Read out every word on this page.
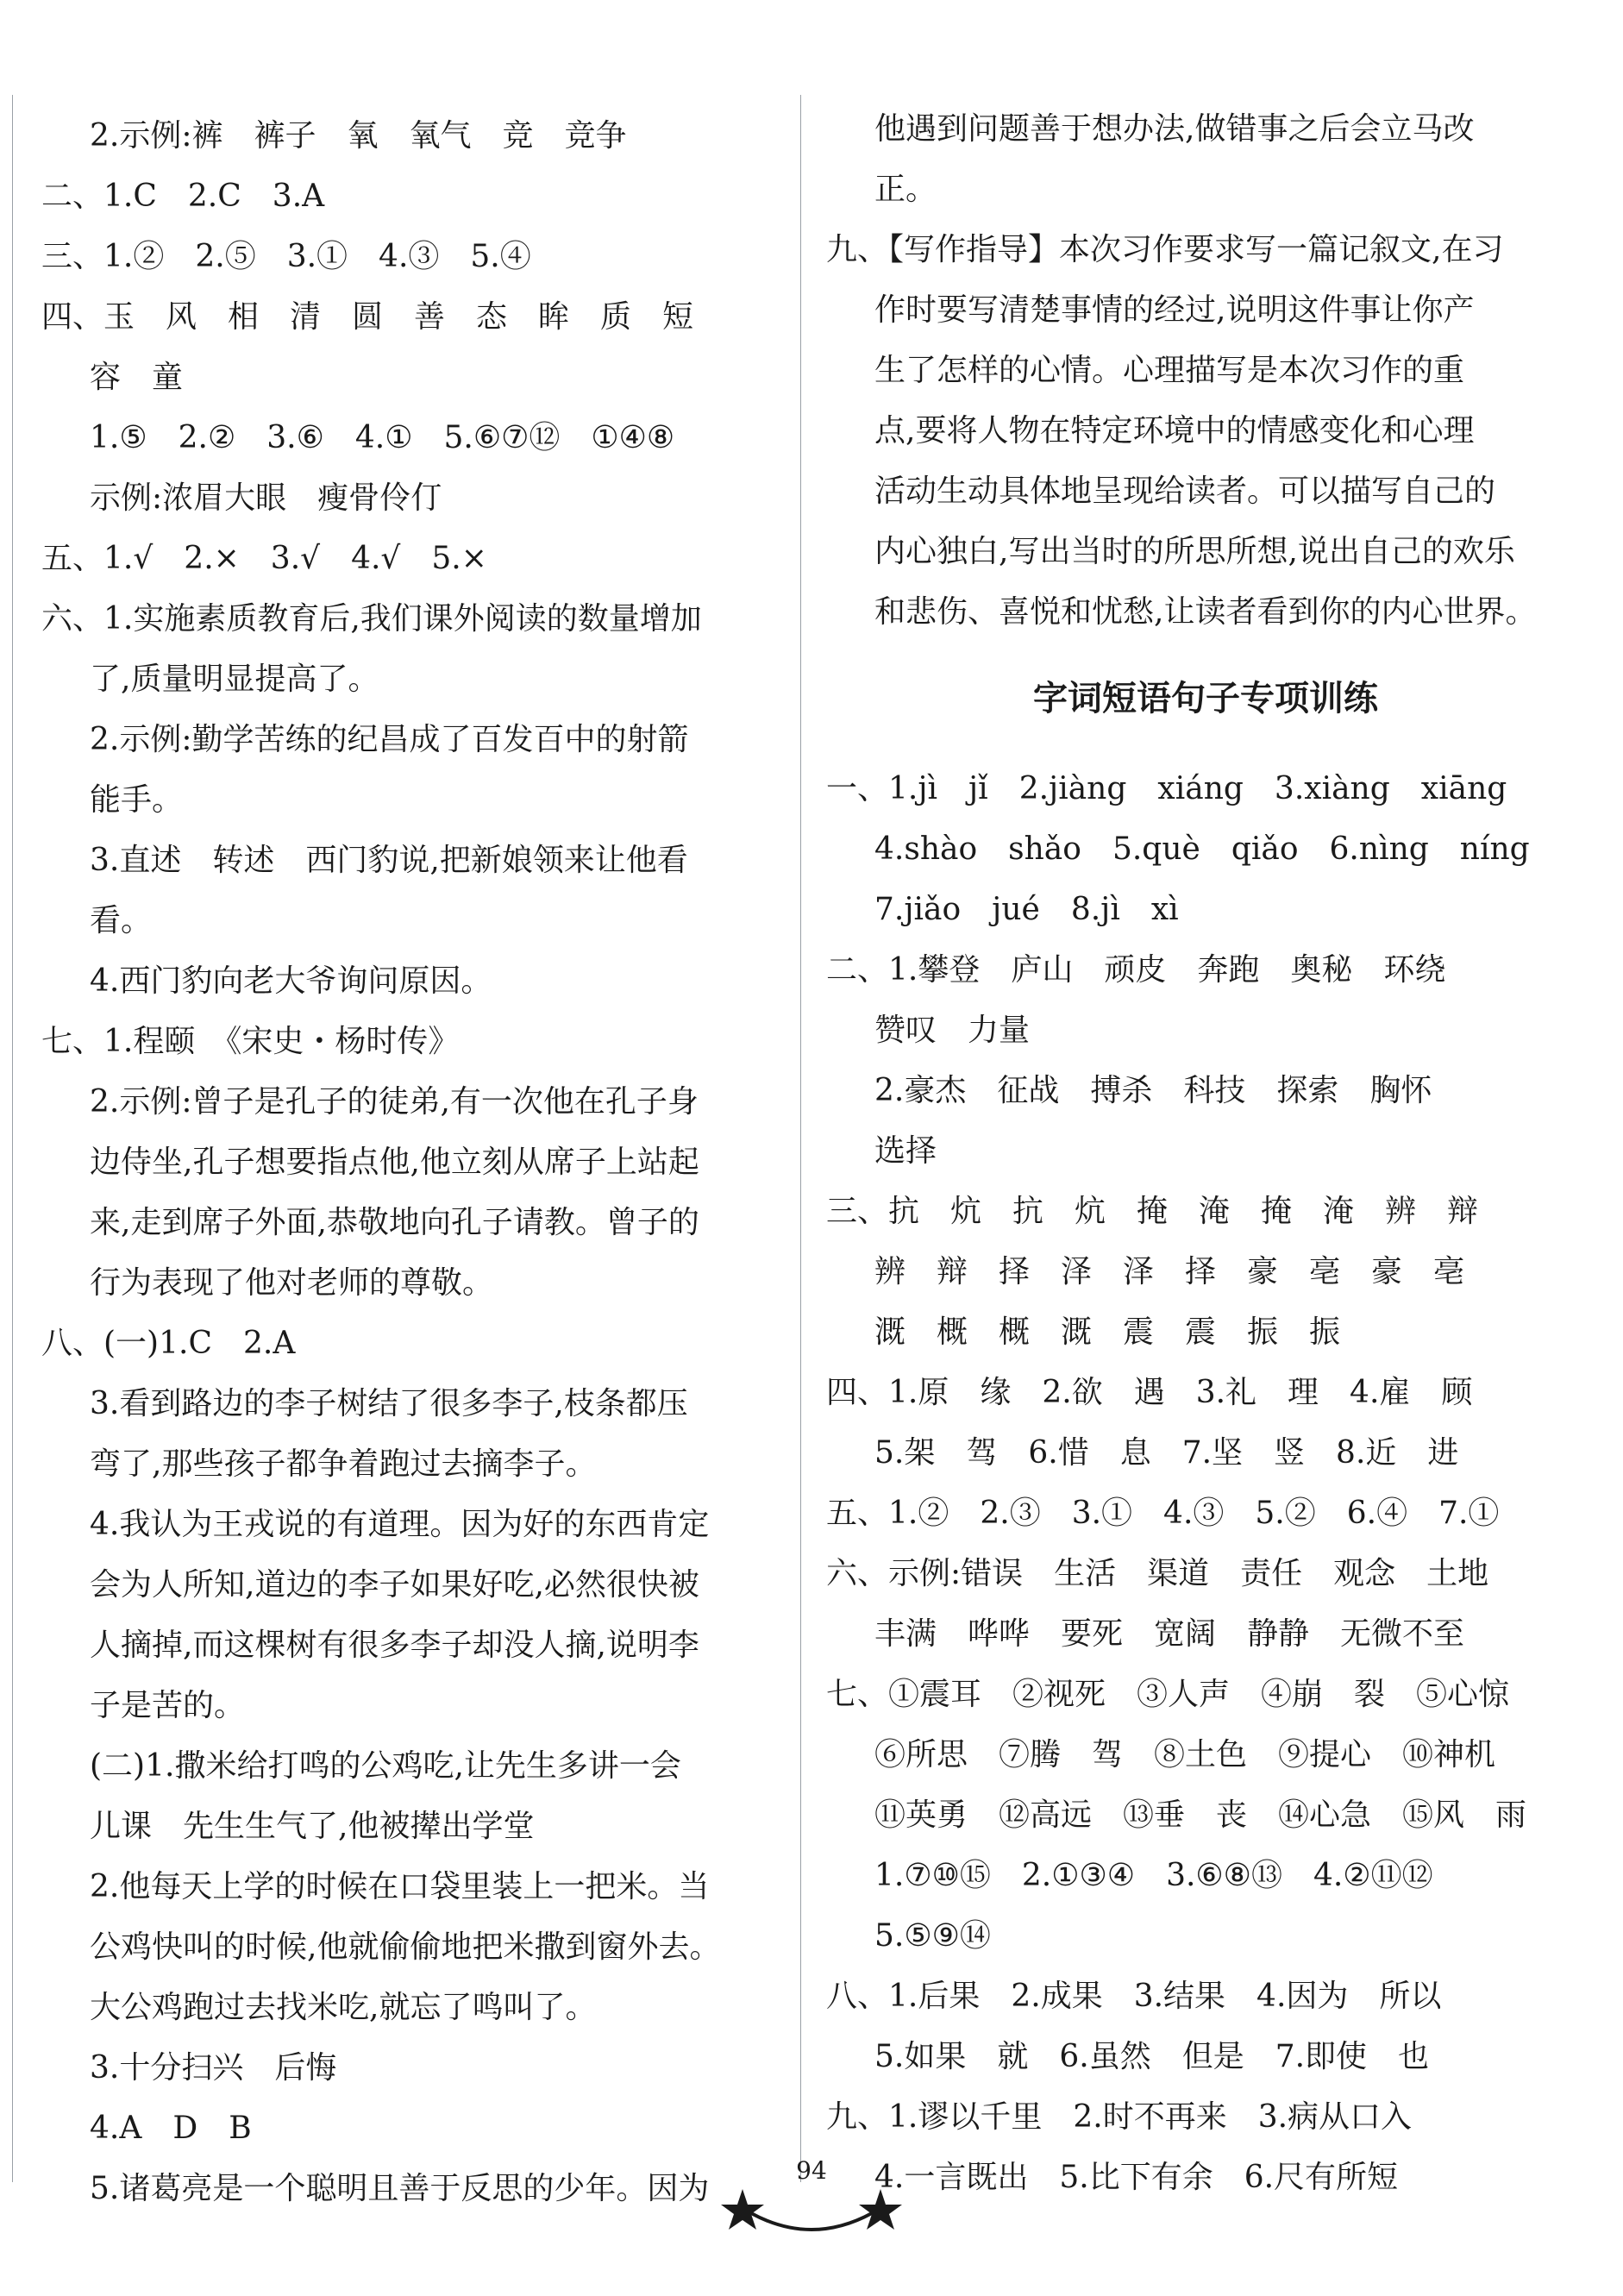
2.示例:裤　裤子　氧　氧气　竞　竞争
二、1.C　2.C　3.A
三、1.②　2.⑤　3.①　4.③　5.④
四、玉　风　相　清　圆　善　态　眸　质　短
容　童
1.⑤　2.②　3.⑥　4.①　5.⑥⑦⑫　①④⑧
示例:浓眉大眼　瘦骨伶仃
五、1.√　2.×　3.√　4.√　5.×
六、1.实施素质教育后,我们课外阅读的数量增加
了,质量明显提高了。
2.示例:勤学苦练的纪昌成了百发百中的射箭
能手。
3.直述　转述　西门豹说,把新娘领来让他看
看。
4.西门豹向老大爷询问原因。
七、1.程颐　《宋史・杨时传》
2.示例:曾子是孔子的徒弟,有一次他在孔子身
边侍坐,孔子想要指点他,他立刻从席子上站起
来,走到席子外面,恭敬地向孔子请教。曾子的
行为表现了他对老师的尊敬。
八、(一)1.C　2.A
3.看到路边的李子树结了很多李子,枝条都压
弯了,那些孩子都争着跑过去摘李子。
4.我认为王戎说的有道理。因为好的东西肯定
会为人所知,道边的李子如果好吃,必然很快被
人摘掉,而这棵树有很多李子却没人摘,说明李
子是苦的。
(二)1.撒米给打鸣的公鸡吃,让先生多讲一会
儿课　先生生气了,他被撵出学堂
2.他每天上学的时候在口袋里装上一把米。当
公鸡快叫的时候,他就偷偷地把米撒到窗外去。
大公鸡跑过去找米吃,就忘了鸣叫了。
3.十分扫兴　后悔
4.A　D　B
5.诸葛亮是一个聪明且善于反思的少年。因为
他遇到问题善于想办法,做错事之后会立马改
正。
九、【写作指导】本次习作要求写一篇记叙文,在习
作时要写清楚事情的经过,说明这件事让你产
生了怎样的心情。心理描写是本次习作的重
点,要将人物在特定环境中的情感变化和心理
活动生动具体地呈现给读者。可以描写自己的
内心独白,写出当时的所思所想,说出自己的欢乐
和悲伤、喜悦和忧愁,让读者看到你的内心世界。
字词短语句子专项训练
一、1.jì　jǐ　2.jiàng　xiáng　3.xiàng　xiāng
4.shào　shǎo　5.què　qiǎo　6.nìng　níng
7.jiǎo　jué　8.jì　xì
二、1.攀登　庐山　顽皮　奔跑　奥秘　环绕
赞叹　力量
2.豪杰　征战　搏杀　科技　探索　胸怀
选择
三、抗　炕　抗　炕　掩　淹　掩　淹　辨　辩
辨　辩　择　泽　泽　择　豪　亳　豪　亳
溉　概　概　溉　震　震　振　振
四、1.原　缘　2.欲　遇　3.礼　理　4.雇　顾
5.架　驾　6.惜　息　7.坚　竖　8.近　进
五、1.②　2.③　3.①　4.③　5.②　6.④　7.①
六、示例:错误　生活　渠道　责任　观念　土地
丰满　哗哗　要死　宽阔　静静　无微不至
七、①震耳　②视死　③人声　④崩　裂　⑤心惊
⑥所思　⑦腾　驾　⑧土色　⑨提心　⑩神机
⑪英勇　⑫高远　⑬垂　丧　⑭心急　⑮风　雨
1.⑦⑩⑮　2.①③④　3.⑥⑧⑬　4.②⑪⑫
5.⑤⑨⑭
八、1.后果　2.成果　3.结果　4.因为　所以
5.如果　就　6.虽然　但是　7.即使　也
九、1.谬以千里　2.时不再来　3.病从口入
4.一言既出　5.比下有余　6.尺有所短
94
